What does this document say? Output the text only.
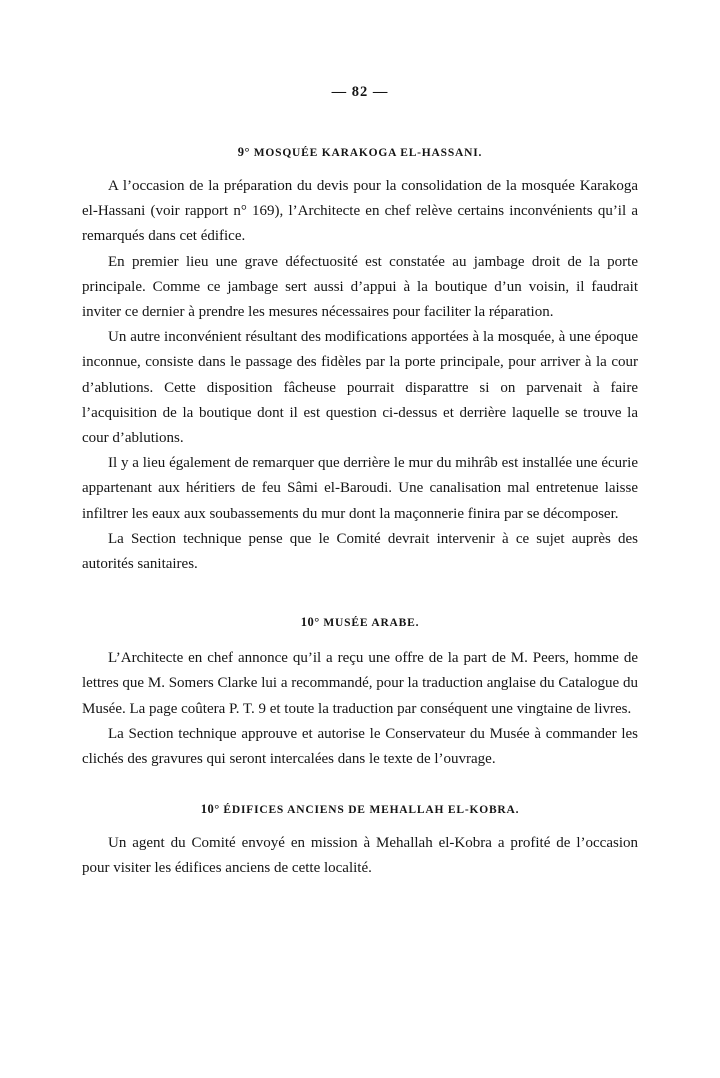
— 82 —
9° MOSQUÉE KARAKOGA EL-HASSANI.

A l’occasion de la préparation du devis pour la consolidation de la mosquée Karakoga el-Hassani (voir rapport n° 169), l’Architecte en chef relève certains inconvénients qu’il a remarqués dans cet édifice.

En premier lieu une grave défectuosité est constatée au jambage droit de la porte principale. Comme ce jambage sert aussi d’appui à la boutique d’un voisin, il faudrait inviter ce dernier à prendre les mesures nécessaires pour faciliter la réparation.

Un autre inconvénient résultant des modifications apportées à la mosquée, à une époque inconnue, consiste dans le passage des fidèles par la porte principale, pour arriver à la cour d’ablutions. Cette disposition fâcheuse pourrait disparattre si on parvenait à faire l’acquisition de la boutique dont il est question ci-dessus et derrière laquelle se trouve la cour d’ablutions.

Il y a lieu également de remarquer que derrière le mur du mihrâb est installée une écurie appartenant aux héritiers de feu Sâmi el-Baroudi. Une canalisation mal entretenue laisse infiltrer les eaux aux soubassements du mur dont la maçonnerie finira par se décomposer.

La Section technique pense que le Comité devrait intervenir à ce sujet auprès des autorités sanitaires.

10° MUSÉE ARABE.

L’Architecte en chef annonce qu’il a reçu une offre de la part de M. Peers, homme de lettres que M. Somers Clarke lui a recommandé, pour la traduction anglaise du Catalogue du Musée. La page coûtera P. T. 9 et toute la traduction par conséquent une vingtaine de livres.

La Section technique approuve et autorise le Conservateur du Musée à commander les clichés des gravures qui seront intercalées dans le texte de l’ouvrage.

10° ÉDIFICES ANCIENS DE MEHALLAH EL-KOBRA.

Un agent du Comité envoyé en mission à Mehallah el-Kobra a profité de l’occasion pour visiter les édifices anciens de cette localité.
